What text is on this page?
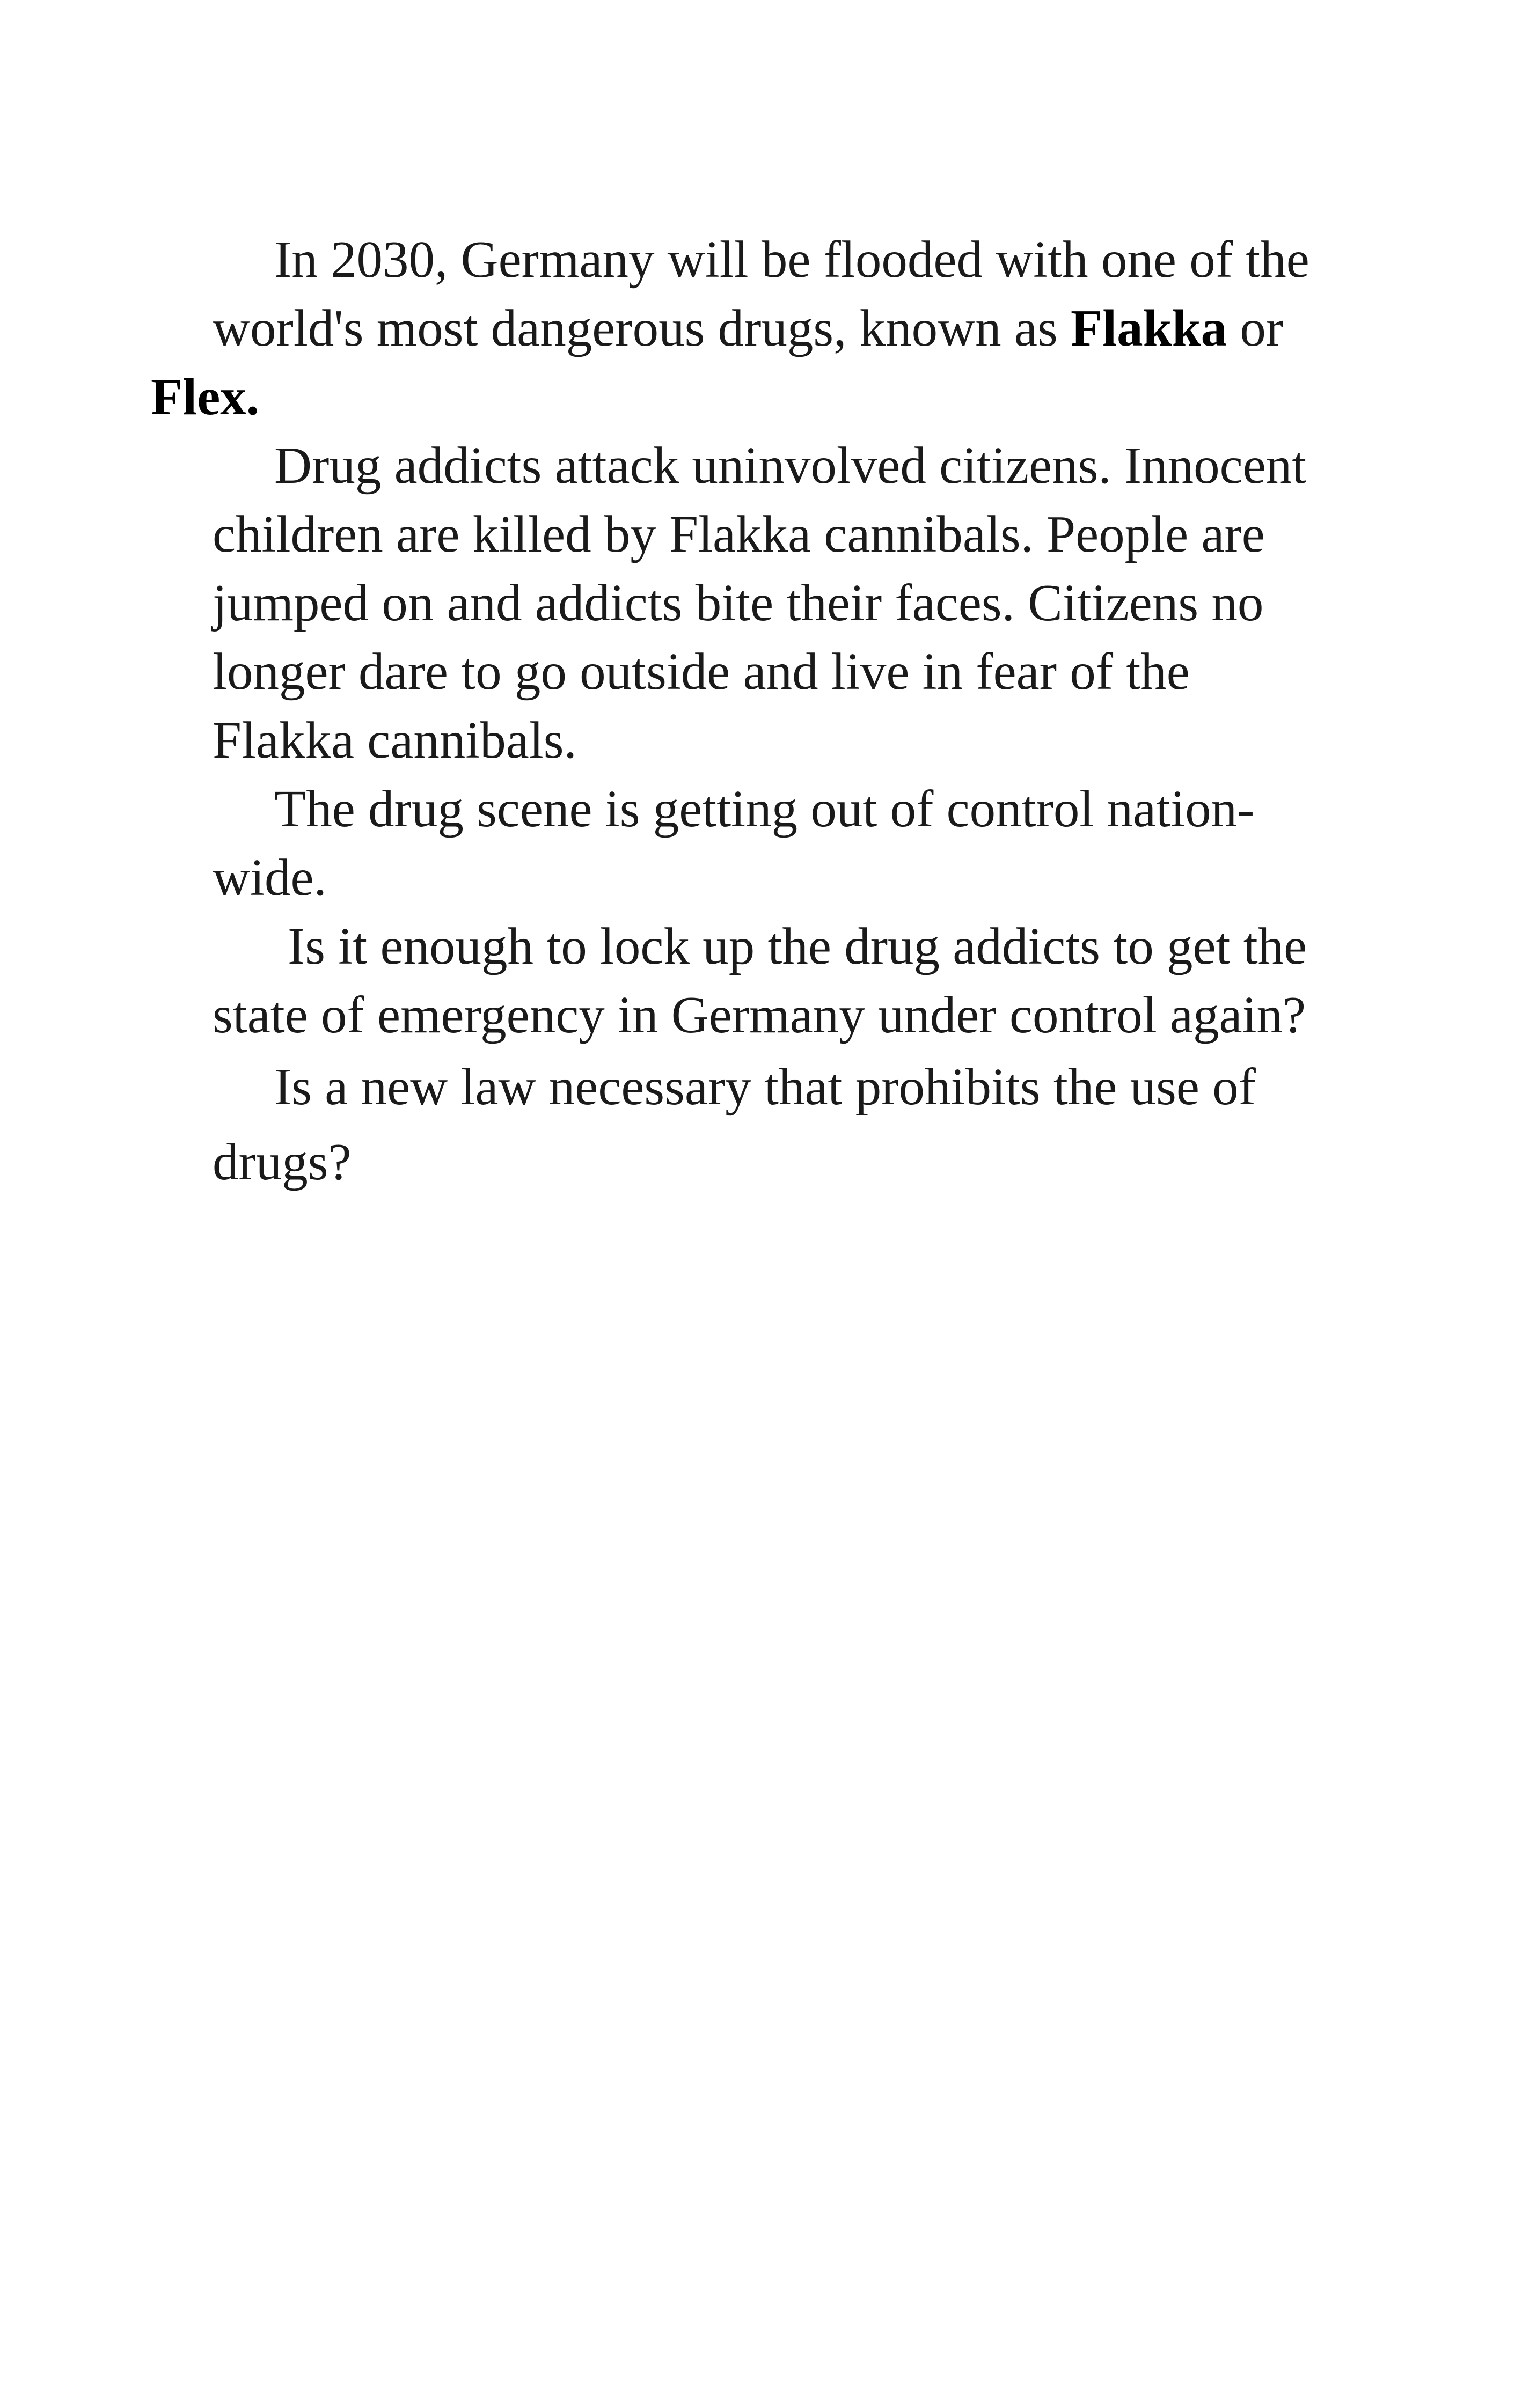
In 2030, Germany will be flooded with one of the world's most dangerous drugs, known as Flakka or
Flex.

Drug addicts attack uninvolved citizens. Innocent children are killed by Flakka cannibals. People are jumped on and addicts bite their faces. Citizens no longer dare to go outside and live in fear of the Flakka cannibals.

The drug scene is getting out of control nation-wide.

Is it enough to lock up the drug addicts to get the state of emergency in Germany under control again?

Is a new law necessary that prohibits the use of drugs?
